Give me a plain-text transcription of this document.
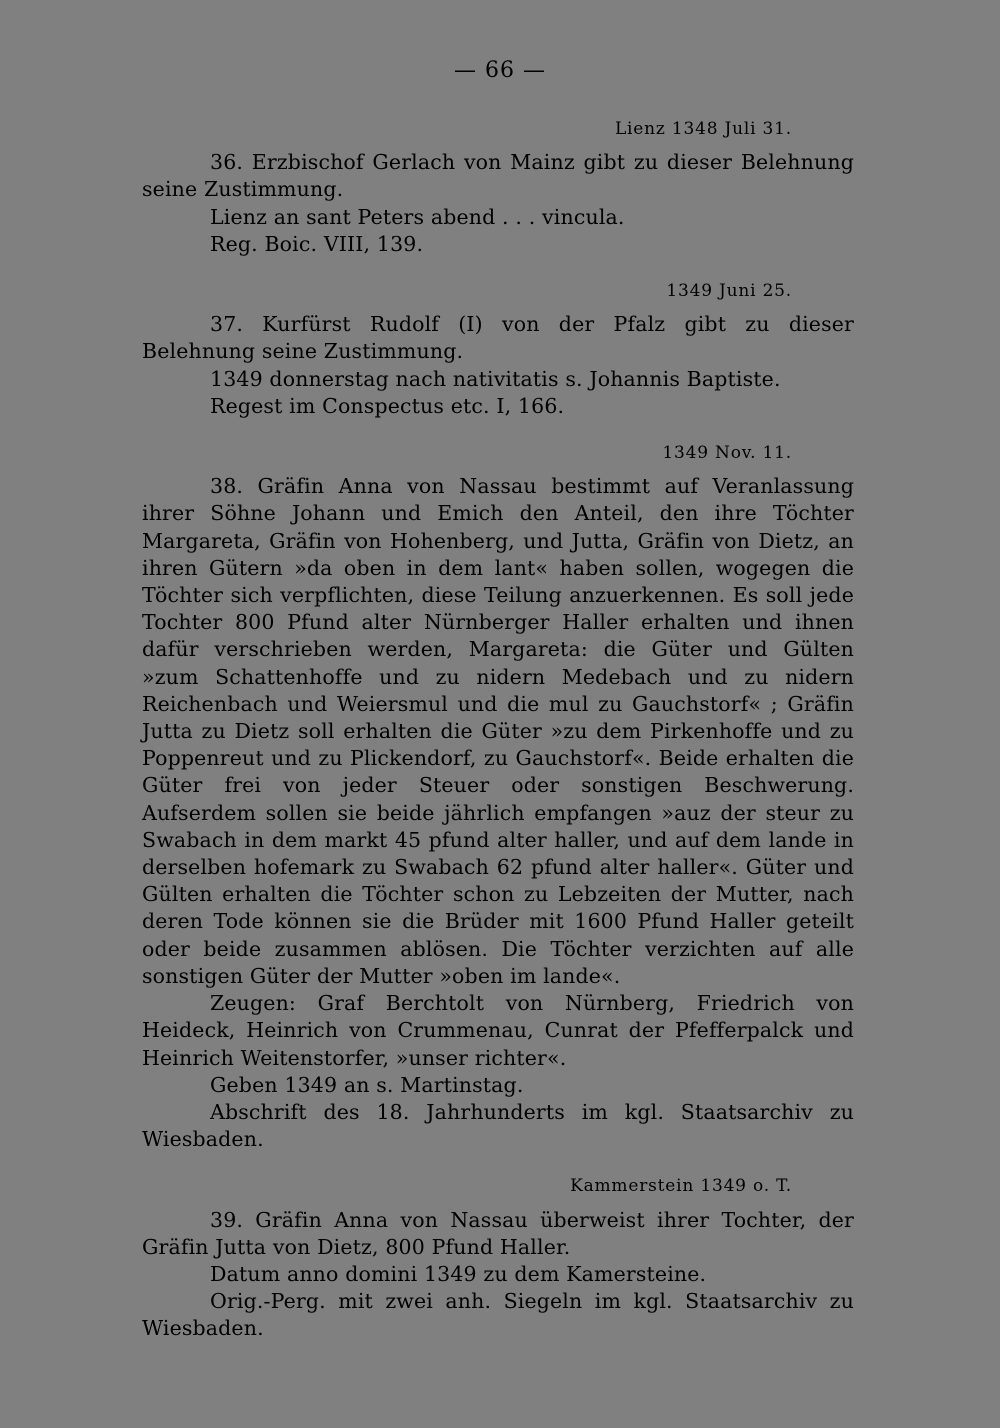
— 66 —

Lienz 1348 Juli 31.

36. Erzbischof Gerlach von Mainz gibt zu dieser Belehnung seine Zustimmung.

Lienz an sant Peters abend . . . vincula.

Reg. Boic. VIII, 139.

1349 Juni 25.

37. Kurfürst Rudolf (I) von der Pfalz gibt zu dieser Belehnung seine Zustimmung.

1349 donnerstag nach nativitatis s. Johannis Baptiste.

Regest im Conspectus etc. I, 166.

1349 Nov. 11.

38. Gräfin Anna von Nassau bestimmt auf Veranlassung ihrer Söhne Johann und Emich den Anteil, den ihre Töchter Margareta, Gräfin von Hohenberg, und Jutta, Gräfin von Dietz, an ihren Gütern »da oben in dem lant« haben sollen, wogegen die Töchter sich verpflichten, diese Teilung anzuerkennen. Es soll jede Tochter 800 Pfund alter Nürnberger Haller erhalten und ihnen dafür verschrieben werden, Margareta: die Güter und Gülten »zum Schattenhoffe und zu nidern Medebach und zu nidern Reichenbach und Weiersmul und die mul zu Gauchstorf« ; Gräfin Jutta zu Dietz soll erhalten die Güter »zu dem Pirkenhoffe und zu Poppenreut und zu Plickendorf, zu Gauchstorf«. Beide erhalten die Güter frei von jeder Steuer oder sonstigen Beschwerung. Aufserdem sollen sie beide jährlich empfangen »auz der steur zu Swabach in dem markt 45 pfund alter haller, und auf dem lande in derselben hofemark zu Swabach 62 pfund alter haller«. Güter und Gülten erhalten die Töchter schon zu Lebzeiten der Mutter, nach deren Tode können sie die Brüder mit 1600 Pfund Haller geteilt oder beide zusammen ablösen. Die Töchter verzichten auf alle sonstigen Güter der Mutter »oben im lande«.

Zeugen: Graf Berchtolt von Nürnberg, Friedrich von Heideck, Heinrich von Crummenau, Cunrat der Pfefferpalck und Heinrich Weitenstorfer, »unser richter«.

Geben 1349 an s. Martinstag.

Abschrift des 18. Jahrhunderts im kgl. Staatsarchiv zu Wiesbaden.

Kammerstein 1349 o. T.

39. Gräfin Anna von Nassau überweist ihrer Tochter, der Gräfin Jutta von Dietz, 800 Pfund Haller.

Datum anno domini 1349 zu dem Kamersteine.

Orig.-Perg. mit zwei anh. Siegeln im kgl. Staatsarchiv zu Wiesbaden.
